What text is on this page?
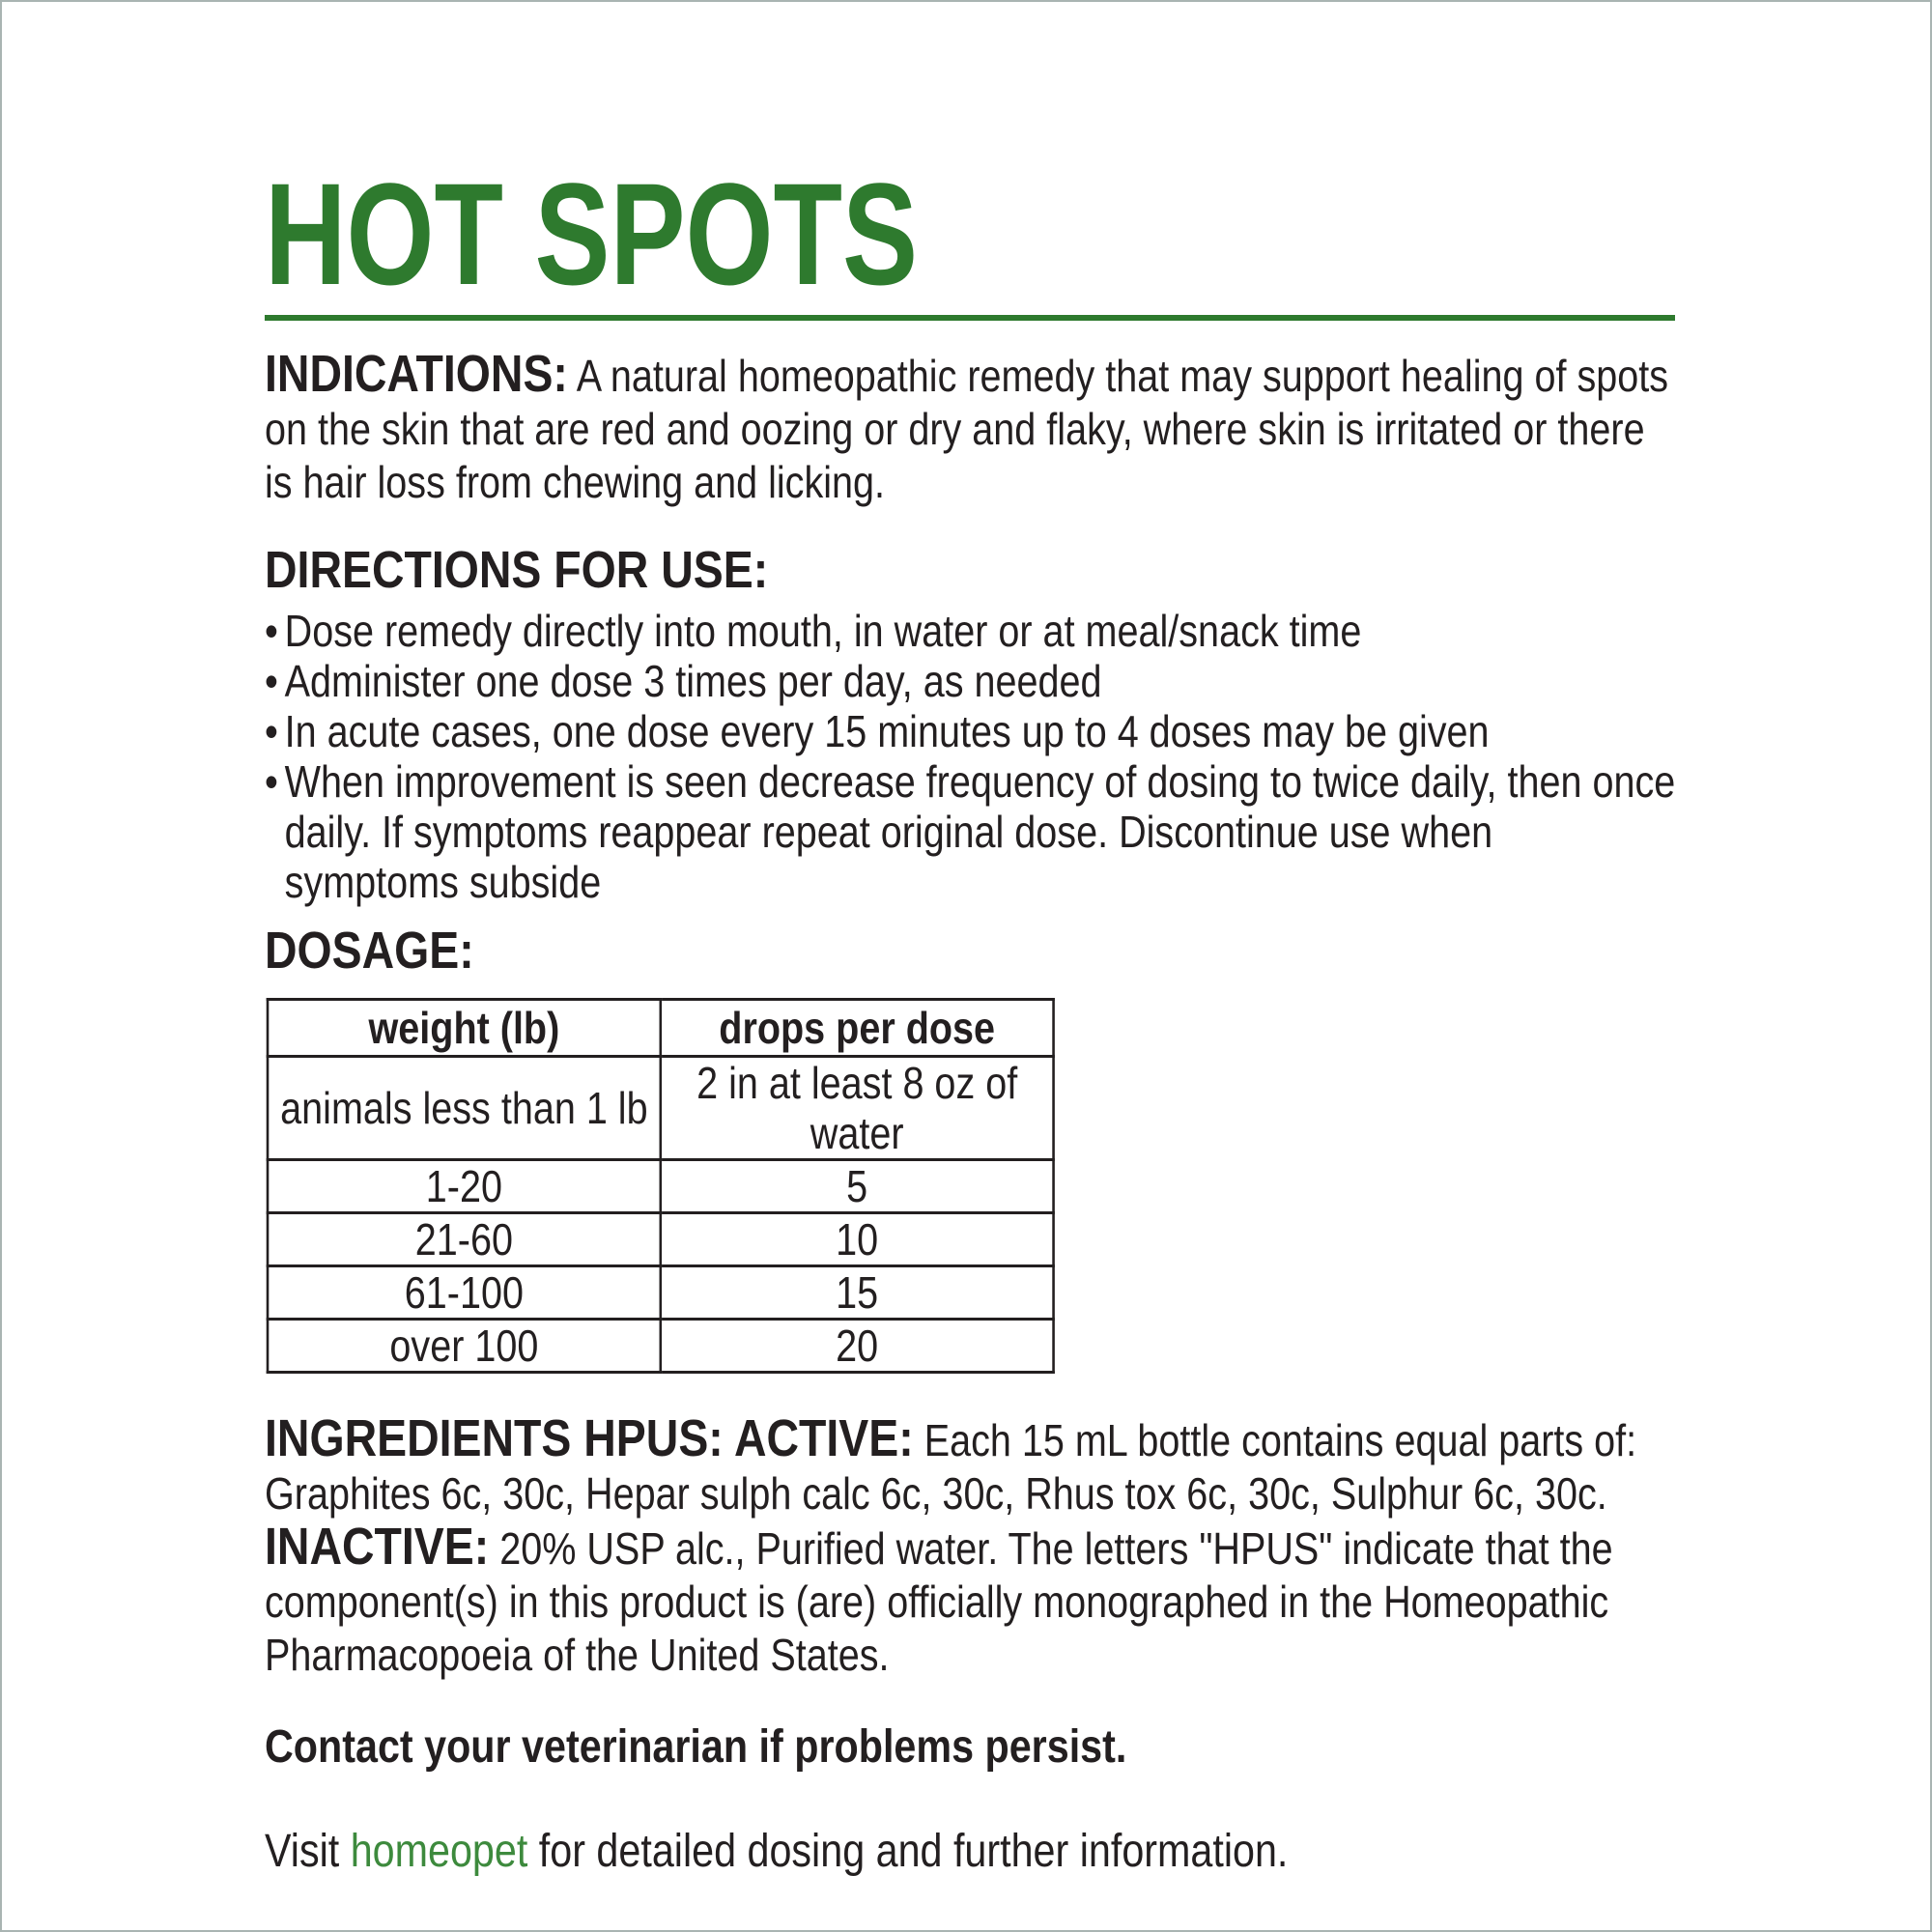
HOT SPOTS

INDICATIONS: A natural homeopathic remedy that may support healing of spots on the skin that are red and oozing or dry and flaky, where skin is irritated or there is hair loss from chewing and licking.

DIRECTIONS FOR USE:
• Dose remedy directly into mouth, in water or at meal/snack time
• Administer one dose 3 times per day, as needed
• In acute cases, one dose every 15 minutes up to 4 doses may be given
• When improvement is seen decrease frequency of dosing to twice daily, then once daily. If symptoms reappear repeat original dose. Discontinue use when symptoms subside
DOSAGE:
weight (lb)	drops per dose
animals less than 1 lb	2 in at least 8 oz of water
1-20	5
21-60	10
61-100	15
over 100	20

INGREDIENTS HPUS: ACTIVE: Each 15 mL bottle contains equal parts of: Graphites 6c, 30c, Hepar sulph calc 6c, 30c, Rhus tox 6c, 30c, Sulphur 6c, 30c. INACTIVE: 20% USP alc., Purified water. The letters "HPUS" indicate that the component(s) in this product is (are) officially monographed in the Homeopathic Pharmacopoeia of the United States.

Contact your veterinarian if problems persist.

Visit homeopet for detailed dosing and further information.
